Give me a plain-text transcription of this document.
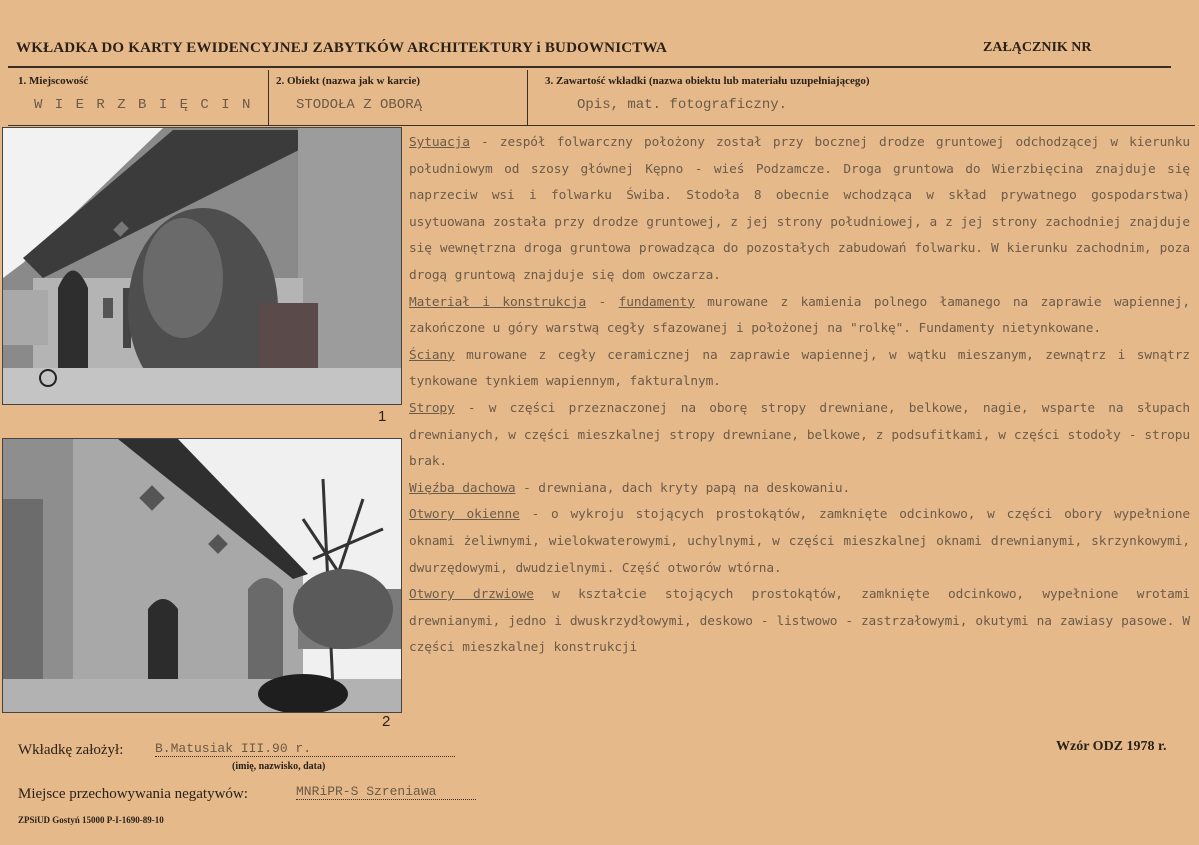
WKŁADKA DO KARTY EWIDENCYJNEJ ZABYTKÓW ARCHITEKTURY i BUDOWNICTWA	ZAŁĄCZNIK NR
1. Miejscowość
W I E R Z B I Ę C I N
2. Obiekt (nazwa jak w karcie)
STODOŁA Z OBORĄ
3. Zawartość wkładki (nazwa obiektu lub materiału uzupełniającego)
Opis, mat. fotograficzny.
1
2

Sytuacja - zespół folwarczny położony został przy bocznej drodze gruntowej odchodzącej w kierunku południowym od szosy głównej Kępno - wieś Podzamcze. Droga gruntowa do Wierzbięcina znajduje się naprzeciw wsi i folwarku Świba. Stodoła 8 obecnie wchodząca w skład prywatnego gospodarstwa) usytuowana została przy drodze gruntowej, z jej strony południowej, a z jej strony zachodniej znajduje się wewnętrzna droga gruntowa prowadząca do pozostałych zabudowań folwarku. W kierunku zachodnim, poza drogą gruntową znajduje się dom owczarza.

Materiał i konstrukcja - fundamenty murowane z kamienia polnego łamanego na zaprawie wapiennej, zakończone u góry warstwą cegły sfazowanej i położonej na "rolkę". Fundamenty nietynkowane.

Ściany murowane z cegły ceramicznej na zaprawie wapiennej, w wątku mieszanym, zewnątrz i swnątrz tynkowane tynkiem wapiennym, fakturalnym.

Stropy - w części przeznaczonej na oborę stropy drewniane, belkowe, nagie, wsparte na słupach drewnianych, w części mieszkalnej stropy drewniane, belkowe, z podsufitkami, w części stodoły - stropu brak.

Więźba dachowa - drewniana, dach kryty papą na deskowaniu.

Otwory okienne - o wykroju stojących prostokątów, zamknięte odcinkowo, w części obory wypełnione oknami żeliwnymi, wielokwaterowymi, uchylnymi, w części mieszkalnej oknami drewnianymi, skrzynkowymi, dwurzędowymi, dwudzielnymi. Część otworów wtórna.

Otwory drzwiowe w kształcie stojących prostokątów, zamknięte odcinkowo, wypełnione wrotami drewnianymi, jedno i dwuskrzydłowymi, deskowo - listwowo - zastrzałowymi, okutymi na zawiasy pasowe. W części mieszkalnej konstrukcji

Wkładkę założył: B.Matusiak III.90 r.
(imię, nazwisko, data)
Wzór ODZ 1978 r.
Miejsce przechowywania negatywów:	MNRiPR-S Szreniawa
ZPSiUD Gostyń 15000 P-I-1690-89-10
